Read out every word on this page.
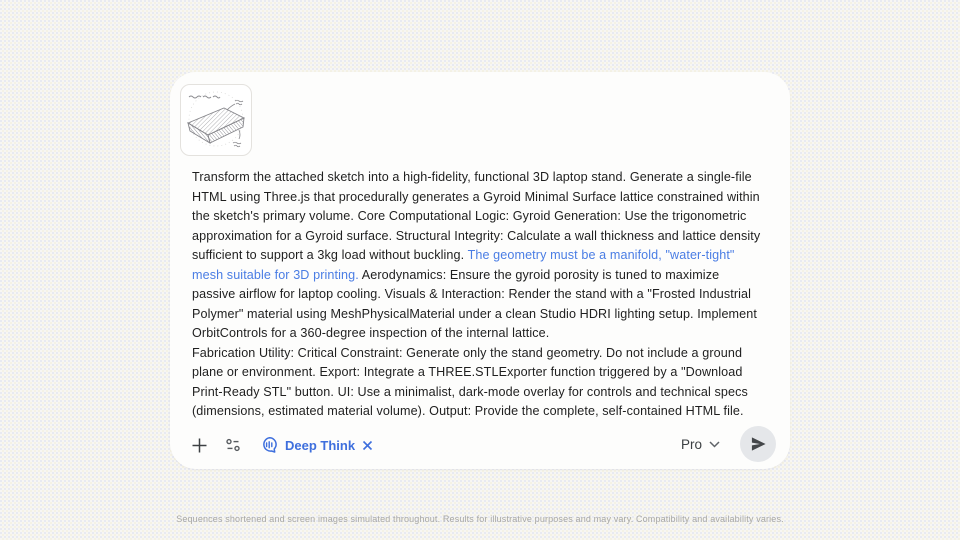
Transform the attached sketch into a high-fidelity, functional 3D laptop stand. Generate a single-file HTML using Three.js that procedurally generates a Gyroid Minimal Surface lattice constrained within the sketch's primary volume. Core Computational Logic: Gyroid Generation: Use the trigonometric approximation for a Gyroid surface. Structural Integrity: Calculate a wall thickness and lattice density sufficient to support a 3kg load without buckling. The geometry must be a manifold, "water-tight" mesh suitable for 3D printing. Aerodynamics: Ensure the gyroid porosity is tuned to maximize passive airflow for laptop cooling. Visuals & Interaction: Render the stand with a "Frosted Industrial Polymer" material using MeshPhysicalMaterial under a clean Studio HDRI lighting setup. Implement OrbitControls for a 360-degree inspection of the internal lattice.

Fabrication Utility: Critical Constraint: Generate only the stand geometry. Do not include a ground plane or environment. Export: Integrate a THREE.STLExporter function triggered by a "Download Print-Ready STL" button. UI: Use a minimalist, dark-mode overlay for controls and technical specs (dimensions, estimated material volume). Output: Provide the complete, self-contained HTML file.

Deep Think	Pro
Sequences shortened and screen images simulated throughout. Results for illustrative purposes and may vary. Compatibility and availability varies.
